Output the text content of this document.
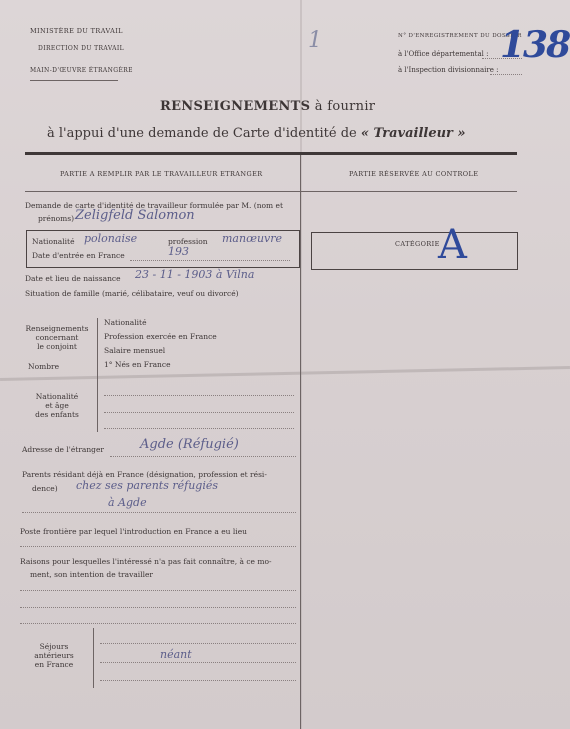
MINISTÈRE DU TRAVAIL
DIRECTION DU TRAVAIL
MAIN-D'ŒUVRE ÉTRANGÈRE
1	N° D'ENREGISTREMENT DU DOSSIER
à l'Office départemental :
à l'Inspection divisionnaire :
138
RENSEIGNEMENTS à fournir
à l'appui d'une demande de Carte d'identité de « Travailleur »
PARTIE A REMPLIR PAR LE TRAVAILLEUR ETRANGER	PARTIE RÉSERVÉE AU CONTROLE
Demande de carte d'identité de travailleur formulée par M. (nom et
prénoms) Zeligfeld Salomon
Nationalité polonaise	profession manœuvre
Date d'entrée en France	193
Date et lieu de naissance 23 - 11 - 1903 à Vilna
Situation de famille (marié, célibataire, veuf ou divorcé)
Renseignements
concernant
le conjoint
Nationalité
Profession exercée en France
Salaire mensuel
Nombre	1° Nés en France
Nationalité
et âge
des enfants
Adresse de l'étranger	Agde (Réfugié)
Parents résidant déjà en France (désignation, profession et rési-
dence) chez ses parents réfugiés
à Agde
Poste frontière par lequel l'introduction en France a eu lieu
Raisons pour lesquelles l'intéressé n'a pas fait connaître, à ce mo-
ment, son intention de travailler
Séjours
antérieurs
en France
néant
CATÉGORIE
A
